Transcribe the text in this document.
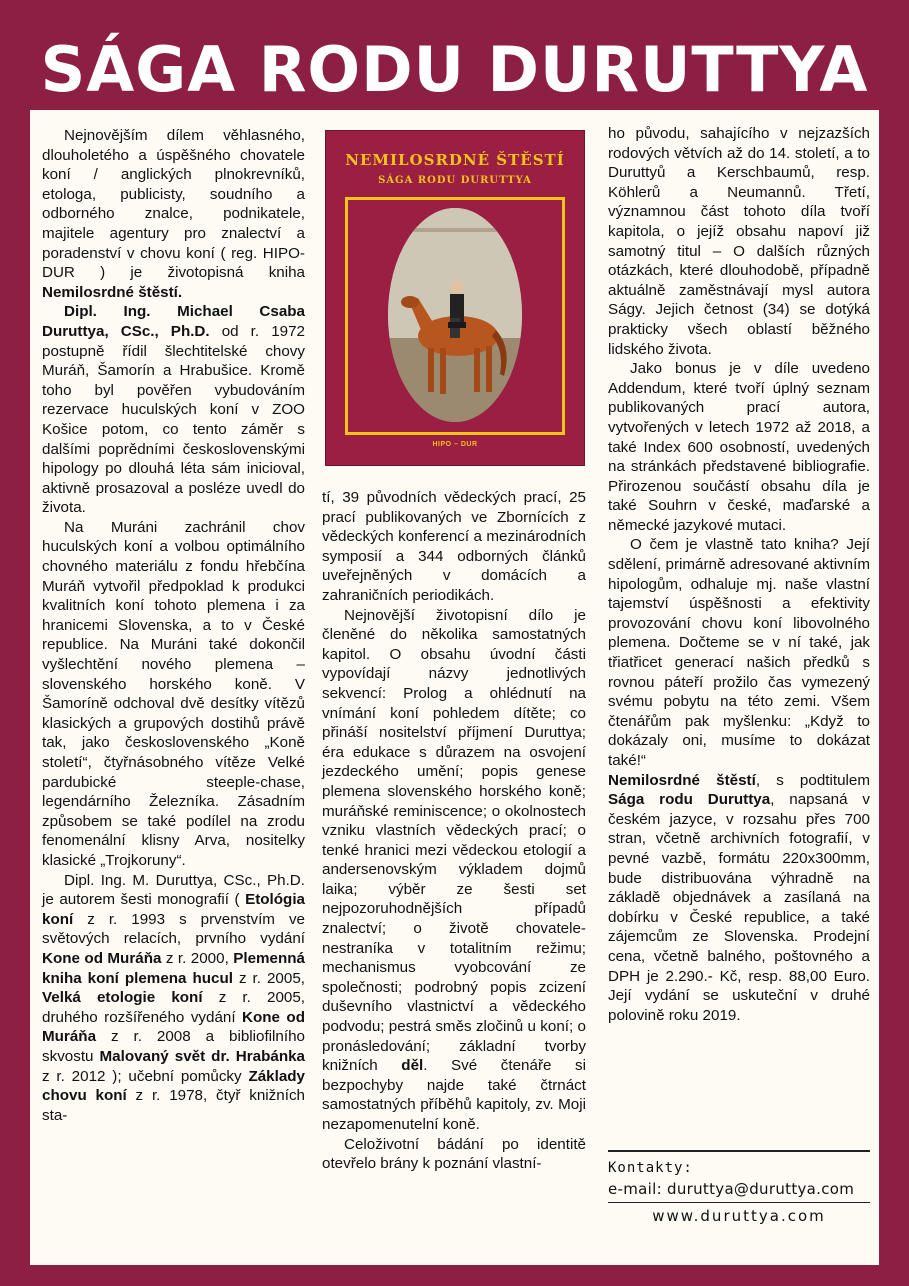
SÁGA RODU DURUTTYA

Nejnovějším dílem věhlasného, dlouholetého a úspěšného chovatele koní / anglických plnokrevníků, etologa, publicisty, soudního a odborného znalce, podnikatele, majitele agentury pro znalectví a poradenství v chovu koní ( reg. HIPO-DUR ) je životopisná kniha Nemilosrdné štěstí.

Dipl. Ing. Michael Csaba Duruttya, CSc., Ph.D. od r. 1972 postupně řídil šlechtitelské chovy Muráň, Šamorín a Hrabušice. Kromě toho byl pověřen vybudováním rezervace huculských koní v ZOO Košice potom, co tento záměr s dalšími poprědními československými hipology po dlouhá léta sám inicioval, aktivně prosazoval a posléze uvedl do života.

Na Muráni zachránil chov huculských koní a volbou optimálního chovného materiálu z fondu hřebčína Muráň vytvořil předpoklad k produkci kvalitních koní tohoto plemena i za hranicemi Slovenska, a to v České republice. Na Muráni také dokončil vyšlechtění nového plemena – slovenského horského koně. V Šamoríně odchoval dvě desítky vítězů klasických a grupových dostihů právě tak, jako československého „Koně století“, čtyřnásobného vítěze Velké pardubické steeple-chase, legendárního Železníka. Zásadním způsobem se také podílel na zrodu fenomenální klisny Arva, nositelky klasické „Trojkoruny“.

Dipl. Ing. M. Duruttya, CSc., Ph.D. je autorem šesti monografií ( Etológia koní z r. 1993 s prvenstvím ve světových relacích, prvního vydání Kone od Muráňa z r. 2000, Plemenná kniha koní plemena hucul z r. 2005, Velká etologie koní z r. 2005, druhého rozšířeného vydání Kone od Muráňa z r. 2008 a bibliofilního skvostu Malovaný svět dr. Hrabánka z r. 2012 ); učební pomůcky Základy chovu koní z r. 1978, čtyř knižních sta-

NEMILOSRDNÉ ŠTĚSTÍ

SÁGA RODU DURUTTYA

HIPO – DUR

tí, 39 původních vědeckých prací, 25 prací publikovaných ve Zbornících z vědeckých konferencí a mezinárodních symposií a 344 odborných článků uveřejněných v domácích a zahraničních periodikách.

Nejnovější životopisní dílo je členěné do několika samostatných kapitol. O obsahu úvodní části vypovídají názvy jednotlivých sekvencí: Prolog a ohlédnutí na vnímání koní pohledem dítěte; co přináší nositelství příjmení Duruttya; éra edukace s důrazem na osvojení jezdeckého umění; popis genese plemena slovenského horského koně; muráňské reminiscence; o okolnostech vzniku vlastních vědeckých prací; o tenké hranici mezi vědeckou etologií a andersenovským výkladem dojmů laika; výběr ze šesti set nejpozoruhodnějších případů znalectví; o životě chovatele-nestraníka v totalitním režimu; mechanismus vyobcování ze společnosti; podrobný popis zcizení duševního vlastnictví a vědeckého podvodu; pestrá směs zločinů u koní; o pronásledování; základní tvorby knižních děl. Své čtenáře si bezpochyby najde také čtrnáct samostatných příběhů kapitoly, zv. Moji nezapomenutelní koně.

Celoživotní bádání po identitě otevřelo brány k poznání vlastní-

ho původu, sahajícího v nejzazších rodových větvích až do 14. století, a to Duruttyů a Kerschbaumů, resp. Köhlerů a Neumannů. Třetí, významnou část tohoto díla tvoří kapitola, o jejíž obsahu napoví již samotný titul – O dalších různých otázkách, které dlouhodobě, případně aktuálně zaměstnávají mysl autora Ságy. Jejich četnost (34) se dotýká prakticky všech oblastí běžného lidského života.

Jako bonus je v díle uvedeno Addendum, které tvoří úplný seznam publikovaných prací autora, vytvořených v letech 1972 až 2018, a také Index 600 osobností, uvedených na stránkách představené bibliografie. Přirozenou součástí obsahu díla je také Souhrn v české, maďarské a německé jazykové mutaci.

O čem je vlastně tato kniha? Její sdělení, primárně adresované aktivním hipologům, odhaluje mj. naše vlastní tajemství úspěšnosti a efektivity provozování chovu koní libovolného plemena. Dočteme se v ní také, jak třiatřicet generací našich předků s rovnou páteří prožilo čas vymezený svému pobytu na této zemi. Všem čtenářům pak myšlenku: „Když to dokázaly oni, musíme to dokázat také!“

Nemilosrdné štěstí, s podtitulem Sága rodu Duruttya, napsaná v českém jazyce, v rozsahu přes 700 stran, včetně archivních fotografií, v pevné vazbě, formátu 220x300mm, bude distribuována výhradně na základě objednávek a zasílaná na dobírku v České republice, a také zájemcům ze Slovenska. Prodejní cena, včetně balného, poštovného a DPH je 2.290.- Kč, resp. 88,00 Euro. Její vydání se uskuteční v druhé polovině roku 2019.

Kontakty:

e-mail: duruttya@duruttya.com

www.duruttya.com
